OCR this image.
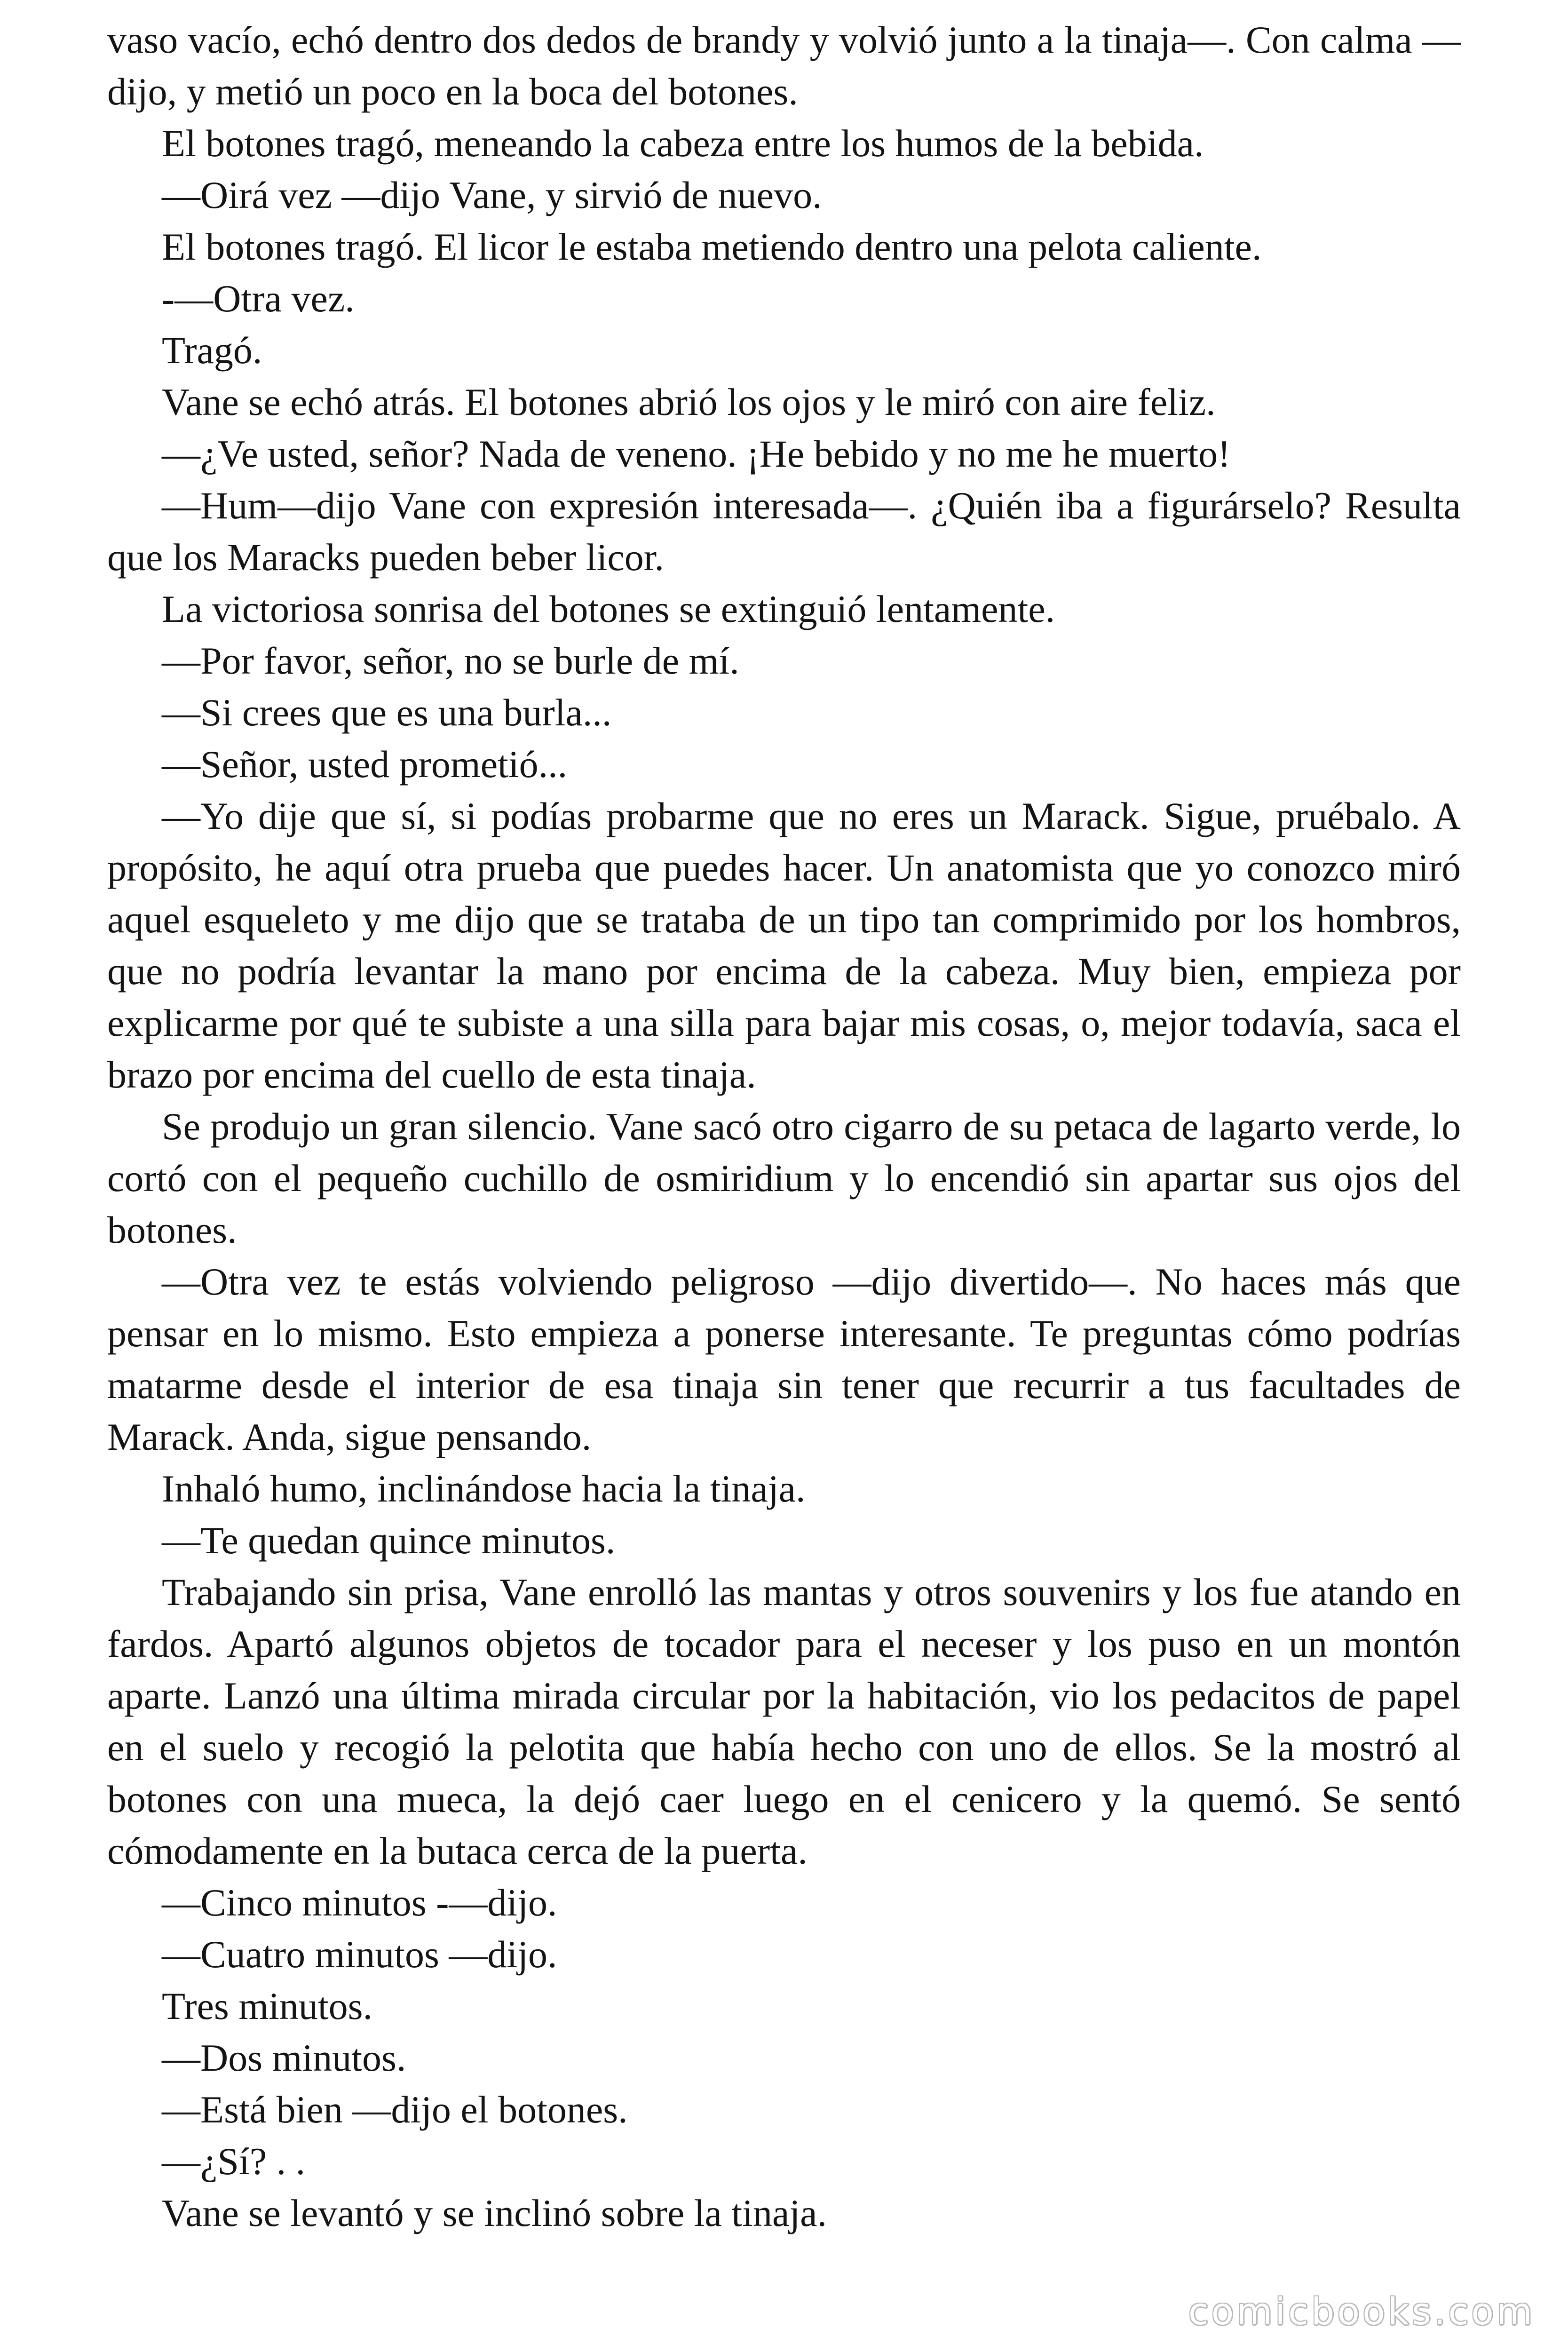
vaso vacío, echó dentro dos dedos de brandy y volvió junto a la tinaja—. Con calma —dijo, y metió un poco en la boca del botones.

El botones tragó, meneando la cabeza entre los humos de la bebida.

—Oirá vez —dijo Vane, y sirvió de nuevo.

El botones tragó. El licor le estaba metiendo dentro una pelota caliente.

-—Otra vez.

Tragó.

Vane se echó atrás. El botones abrió los ojos y le miró con aire feliz.

—¿Ve usted, señor? Nada de veneno. ¡He bebido y no me he muerto!

—Hum—dijo Vane con expresión interesada—. ¿Quién iba a figurárselo? Resulta que los Maracks pueden beber licor.

La victoriosa sonrisa del botones se extinguió lentamente.

—Por favor, señor, no se burle de mí.

—Si crees que es una burla...

—Señor, usted prometió...

—Yo dije que sí, si podías probarme que no eres un Marack. Sigue, pruébalo. A propósito, he aquí otra prueba que puedes hacer. Un anatomista que yo conozco miró aquel esqueleto y me dijo que se trataba de un tipo tan comprimido por los hombros, que no podría levantar la mano por encima de la cabeza. Muy bien, empieza por explicarme por qué te subiste a una silla para bajar mis cosas, o, mejor todavía, saca el brazo por encima del cuello de esta tinaja.

Se produjo un gran silencio. Vane sacó otro cigarro de su petaca de lagarto verde, lo cortó con el pequeño cuchillo de osmiridium y lo encendió sin apartar sus ojos del botones.

—Otra vez te estás volviendo peligroso —dijo divertido—. No haces más que pensar en lo mismo. Esto empieza a ponerse interesante. Te preguntas cómo podrías matarme desde el interior de esa tinaja sin tener que recurrir a tus facultades de Marack. Anda, sigue pensando.

Inhaló humo, inclinándose hacia la tinaja.

—Te quedan quince minutos.

Trabajando sin prisa, Vane enrolló las mantas y otros souvenirs y los fue atando en fardos. Apartó algunos objetos de tocador para el neceser y los puso en un montón aparte. Lanzó una última mirada circular por la habitación, vio los pedacitos de papel en el suelo y recogió la pelotita que había hecho con uno de ellos. Se la mostró al botones con una mueca, la dejó caer luego en el cenicero y la quemó. Se sentó cómodamente en la butaca cerca de la puerta.

—Cinco minutos -—dijo.

—Cuatro minutos —dijo.

Tres minutos.

—Dos minutos.

—Está bien —dijo el botones.

—¿Sí? . .

Vane se levantó y se inclinó sobre la tinaja.

comicbooks.com
